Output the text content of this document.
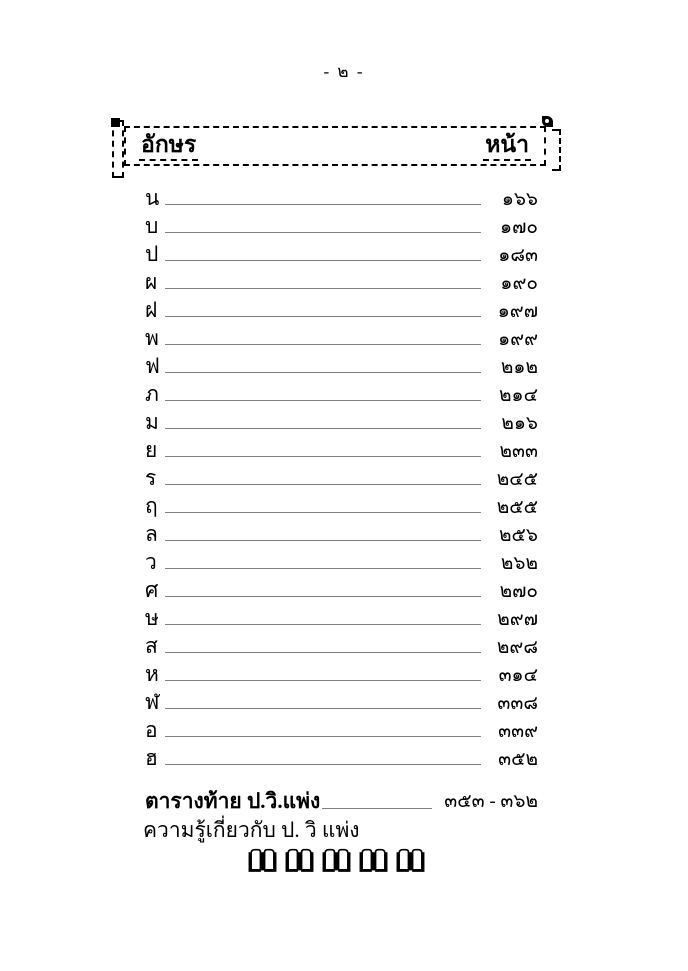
- ๒ -
อักษร	หน้า
น	๑๖๖
บ	๑๗๐
ป	๑๘๓
ผ	๑๙๐
ฝ	๑๙๗
พ	๑๙๙
ฟ	๒๑๒
ภ	๒๑๔
ม	๒๑๖
ย	๒๓๓
ร	๒๔๕
ฤ	๒๕๕
ล	๒๕๖
ว	๒๖๒
ศ	๒๗๐
ษ	๒๙๗
ส	๒๙๘
ห	๓๑๔
ฬ	๓๓๘
อ	๓๓๙
ฮ	๓๕๒
ตารางท้าย ป.วิ.แพ่ง	๓๕๓ - ๓๖๒
ความรู้เกี่ยวกับ ป. วิ แพ่ง
